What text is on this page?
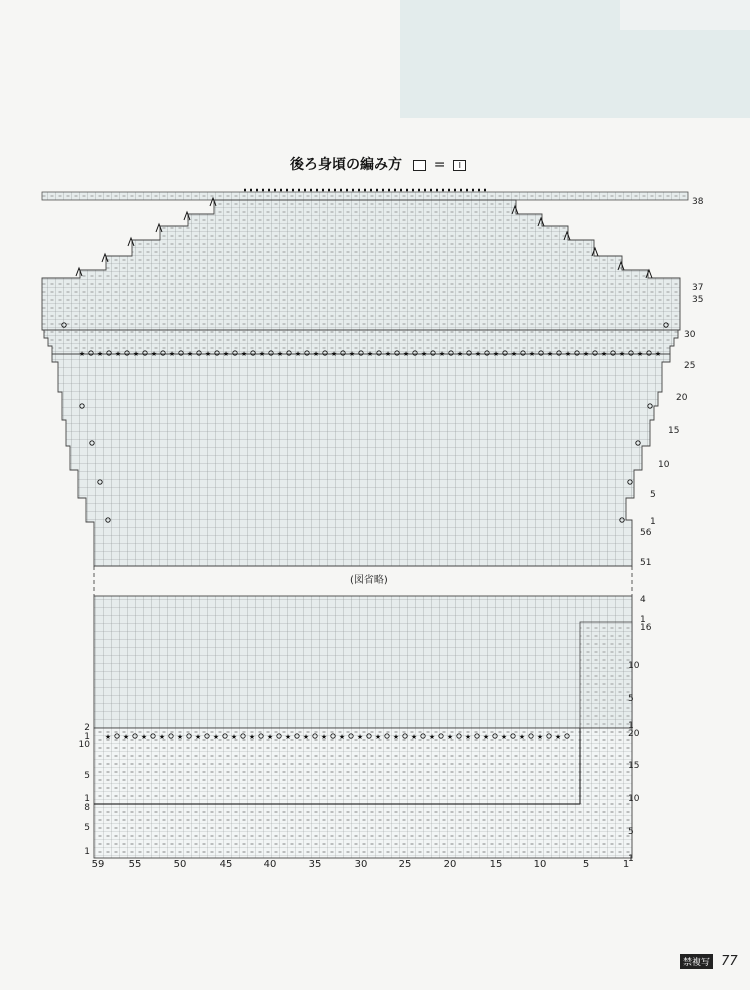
後ろ身頃の編み方 = I
★ ★ ★ ★ ★ ★ ★ ★ ★ ★ ★ ★ ★ ★ ★ ★ ★ ★ ★ ★ ★ ★ ★ ★ ★ ★ ★ ★ ★ ★ ★ ★ ★
★ ★ ★ ★ ★ ★ ★ ★ ★ ★ ★ ★ ★ ★ ★ ★ ★ ★ ★ ★ ★ ★ ★ ★ ★ ★
38
37
35
30
25
20
15
10
5
1
56
51
4
1
16
10
5
1
20
15
10
5
1
2
1
10
5
1
8
5
1
59 55	50	45	40	35	30	25	20	15	10	5	1
(図省略)
禁複写 77
